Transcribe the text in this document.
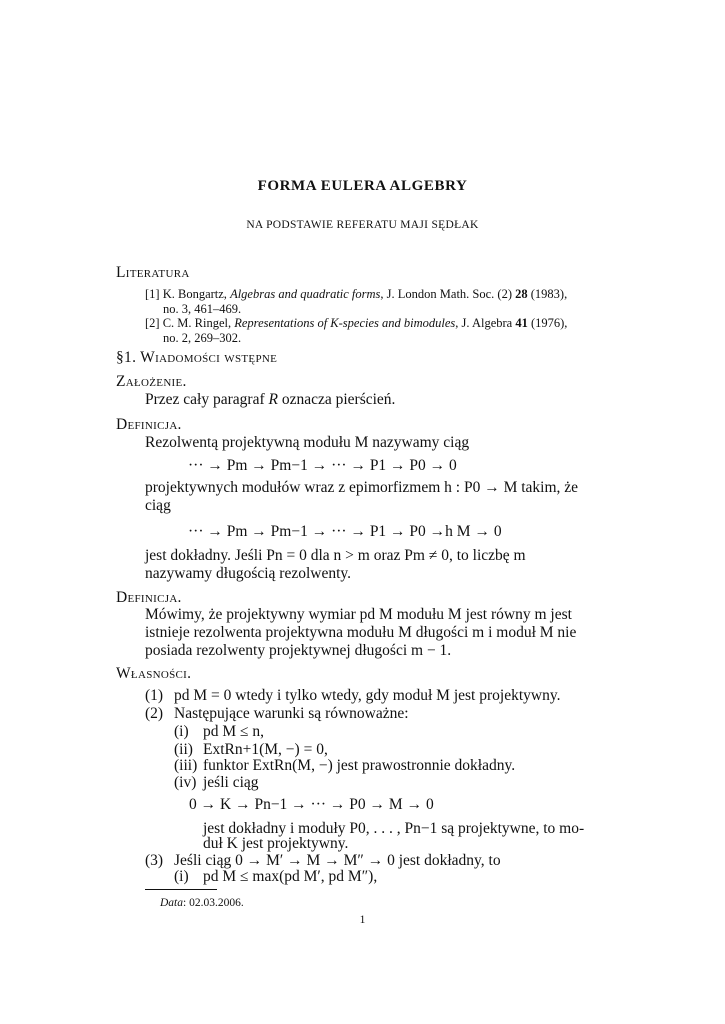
FORMA EULERA ALGEBRY
NA PODSTAWIE REFERATU MAJI SĘDŁAK
Literatura
[1] K. Bongartz, Algebras and quadratic forms, J. London Math. Soc. (2) 28 (1983),
no. 3, 461–469.
[2] C. M. Ringel, Representations of K-species and bimodules, J. Algebra 41 (1976),
no. 2, 269–302.
§1. Wiadomości wstępne
Założenie.
Przez cały paragraf R oznacza pierścień.
Definicja.
Rezolwentą projektywną modułu M nazywamy ciąg
··· → Pm → Pm−1 → ··· → P1 → P0 → 0
projektywnych modułów wraz z epimorfizmem h : P0 → M takim, że
ciąg
··· → Pm → Pm−1 → ··· → P1 → P0 →h M → 0
jest dokładny. Jeśli Pn = 0 dla n > m oraz Pm ≠ 0, to liczbę m
nazywamy długością rezolwenty.
Definicja.
Mówimy, że projektywny wymiar pd M modułu M jest równy m jest
istnieje rezolwenta projektywna modułu M długości m i moduł M nie
posiada rezolwenty projektywnej długości m − 1.
Własności.
(1) pd M = 0 wtedy i tylko wtedy, gdy moduł M jest projektywny.
(2) Następujące warunki są równoważne:
(i) pd M ≤ n,
(ii) ExtRn+1(M, −) = 0,
(iii) funktor ExtRn(M, −) jest prawostronnie dokładny.
(iv) jeśli ciąg
0 → K → Pn−1 → ··· → P0 → M → 0
jest dokładny i moduły P0, . . . , Pn−1 są projektywne, to mo-
duł K jest projektywny.
(3) Jeśli ciąg 0 → M′ → M → M″ → 0 jest dokładny, to
(i) pd M ≤ max(pd M′, pd M″),
Data: 02.03.2006.
1
